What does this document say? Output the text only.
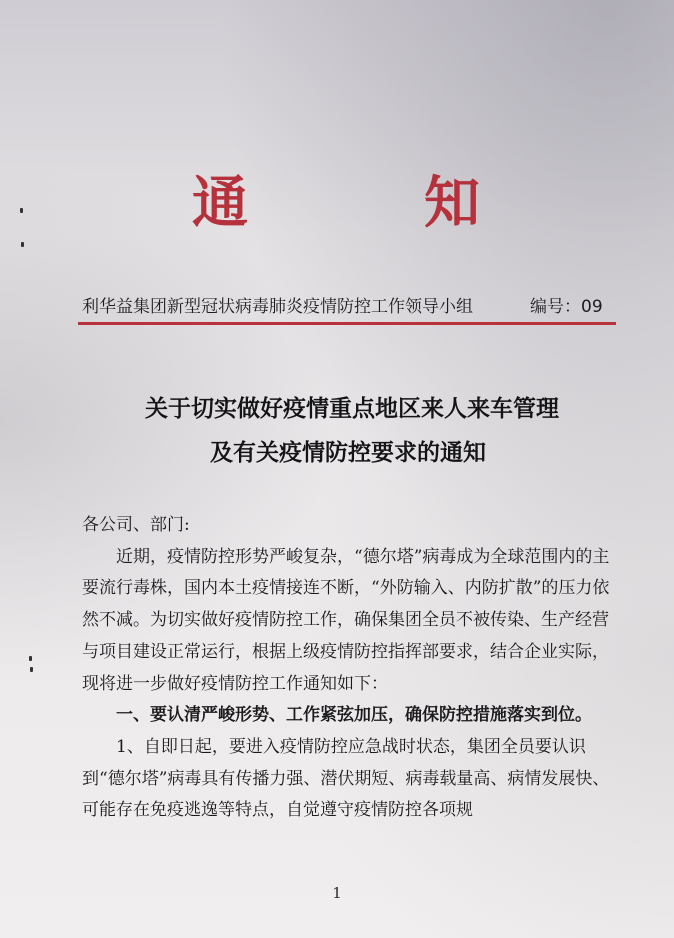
通	知
利华益集团新型冠状病毒肺炎疫情防控工作领导小组	编号：09
关于切实做好疫情重点地区来人来车管理
及有关疫情防控要求的通知

各公司、部门:

近期，疫情防控形势严峻复杂，“德尔塔”病毒成为全球范围内的主要流行毒株，国内本土疫情接连不断，“外防输入、内防扩散”的压力依然不减。为切实做好疫情防控工作，确保集团全员不被传染、生产经营与项目建设正常运行，根据上级疫情防控指挥部要求，结合企业实际，现将进一步做好疫情防控工作通知如下：

一、要认清严峻形势、工作紧弦加压，确保防控措施落实到位。

1、自即日起，要进入疫情防控应急战时状态，集团全员要认识到“德尔塔”病毒具有传播力强、潜伏期短、病毒载量高、病情发展快、可能存在免疫逃逸等特点，自觉遵守疫情防控各项规

1
